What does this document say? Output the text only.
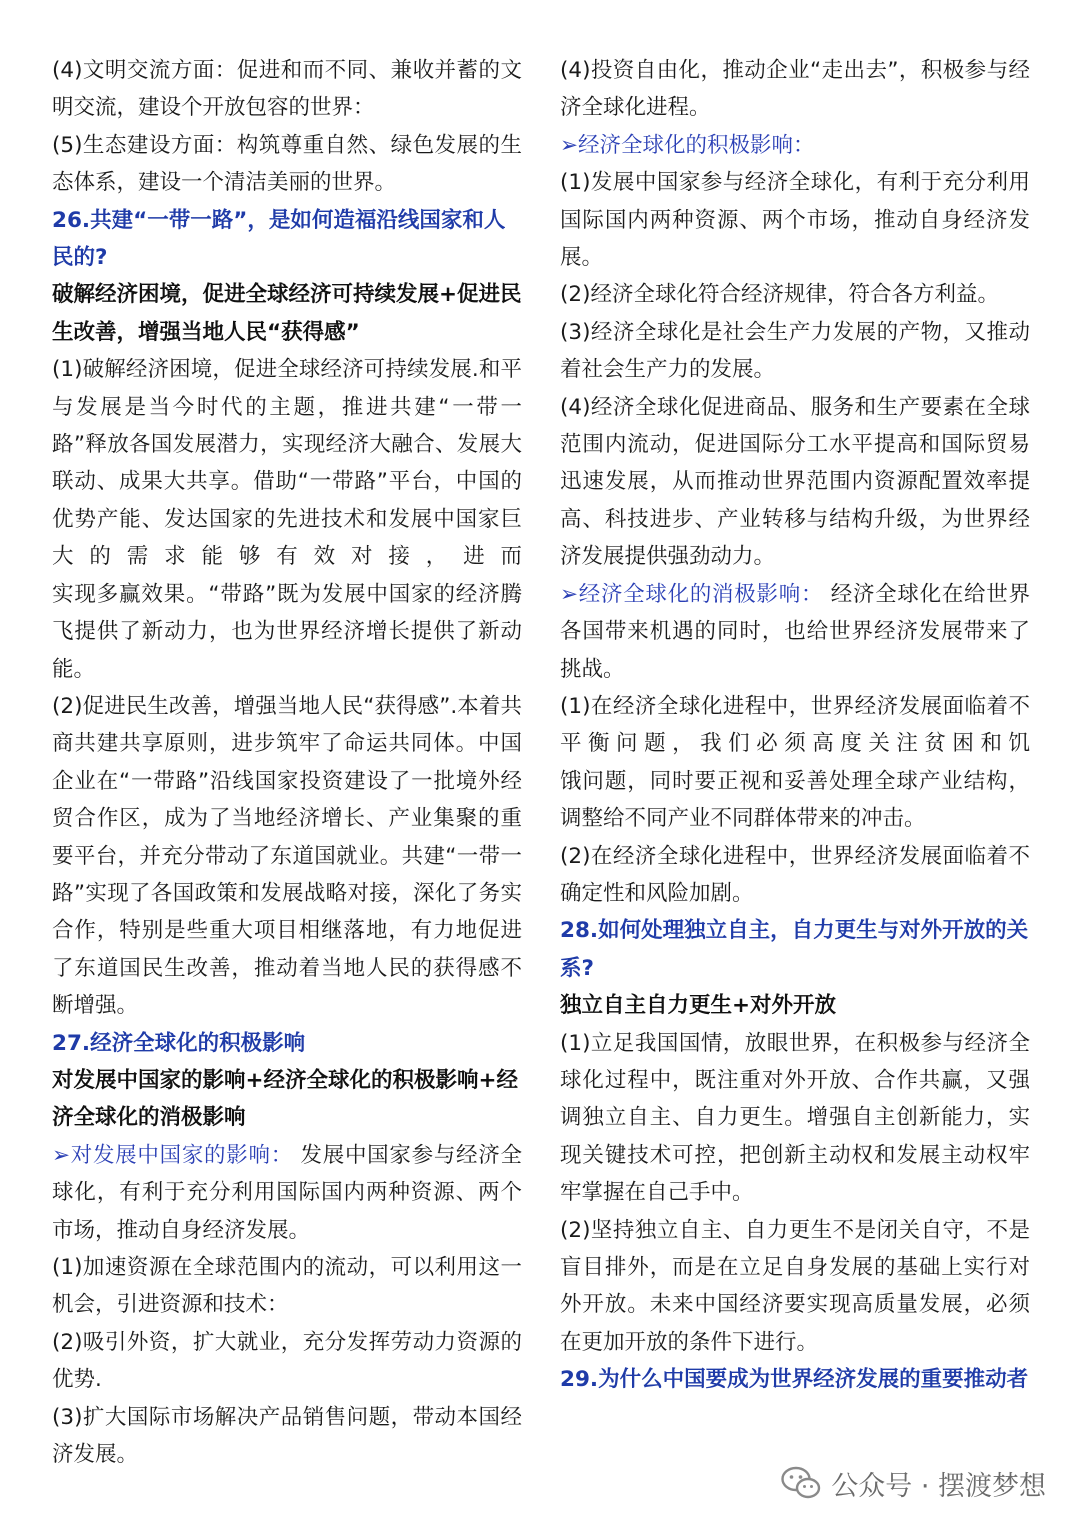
(4)文明交流方面：促进和而不同、兼收并蓄的文明交流，建设个开放包容的世界：

(5)生态建设方面：构筑尊重自然、绿色发展的生态体系，建设一个清洁美丽的世界。

26.共建“一带一路”，是如何造福沿线国家和人民的?

破解经济困境，促进全球经济可持续发展+促进民生改善，增强当地人民“获得感”

(1)破解经济困境，促进全球经济可持续发展.和平与发展是当今时代的主题，推进共建“一带一路”释放各国发展潜力，实现经济大融合、发展大联动、成果大共享。借助“一带路”平台，中国的优势产能、发达国家的先进技术和发展中国家巨大的需求能够有效对接，进而

实现多赢效果。“带路”既为发展中国家的经济腾飞提供了新动力，也为世界经济增长提供了新动能。

(2)促进民生改善，增强当地人民“获得感”.本着共商共建共享原则，进步筑牢了命运共同体。中国企业在“一带路”沿线国家投资建设了一批境外经贸合作区，成为了当地经济增长、产业集聚的重要平台，并充分带动了东道国就业。共建“一带一路”实现了各国政策和发展战略对接，深化了务实合作，特别是些重大项目相继落地，有力地促进了东道国民生改善，推动着当地人民的获得感不断增强。

27.经济全球化的积极影响

对发展中国家的影响+经济全球化的积极影响+经济全球化的消极影响

➢对发展中国家的影响： 发展中国家参与经济全球化，有利于充分利用国际国内两种资源、两个市场，推动自身经济发展。

(1)加速资源在全球范围内的流动，可以利用这一机会，引进资源和技术：

(2)吸引外资，扩大就业，充分发挥劳动力资源的优势.

(3)扩大国际市场解决产品销售问题，带动本国经济发展。

(4)投资自由化，推动企业“走出去”，积极参与经济全球化进程。

➢经济全球化的积极影响：

(1)发展中国家参与经济全球化，有利于充分利用国际国内两种资源、两个市场，推动自身经济发展。

(2)经济全球化符合经济规律，符合各方利益。

(3)经济全球化是社会生产力发展的产物，又推动着社会生产力的发展。

(4)经济全球化促进商品、服务和生产要素在全球范围内流动，促进国际分工水平提高和国际贸易迅速发展，从而推动世界范围内资源配置效率提高、科技进步、产业转移与结构升级，为世界经济发展提供强劲动力。

➢经济全球化的消极影响： 经济全球化在给世界各国带来机遇的同时，也给世界经济发展带来了挑战。

(1)在经济全球化进程中，世界经济发展面临着不平衡问题，我们必须高度关注贫困和饥

饿问题，同时要正视和妥善处理全球产业结构，调整给不同产业不同群体带来的冲击。

(2)在经济全球化进程中，世界经济发展面临着不确定性和风险加剧。

28.如何处理独立自主，自力更生与对外开放的关系?

独立自主自力更生+对外开放

(1)立足我国国情，放眼世界，在积极参与经济全球化过程中，既注重对外开放、合作共赢，又强调独立自主、自力更生。增强自主创新能力，实现关键技术可控，把创新主动权和发展主动权牢牢掌握在自己手中。

(2)坚持独立自主、自力更生不是闭关自守，不是盲目排外，而是在立足自身发展的基础上实行对外开放。未来中国经济要实现高质量发展，必须在更加开放的条件下进行。

29.为什么中国要成为世界经济发展的重要推动者

公众号 · 摆渡梦想
